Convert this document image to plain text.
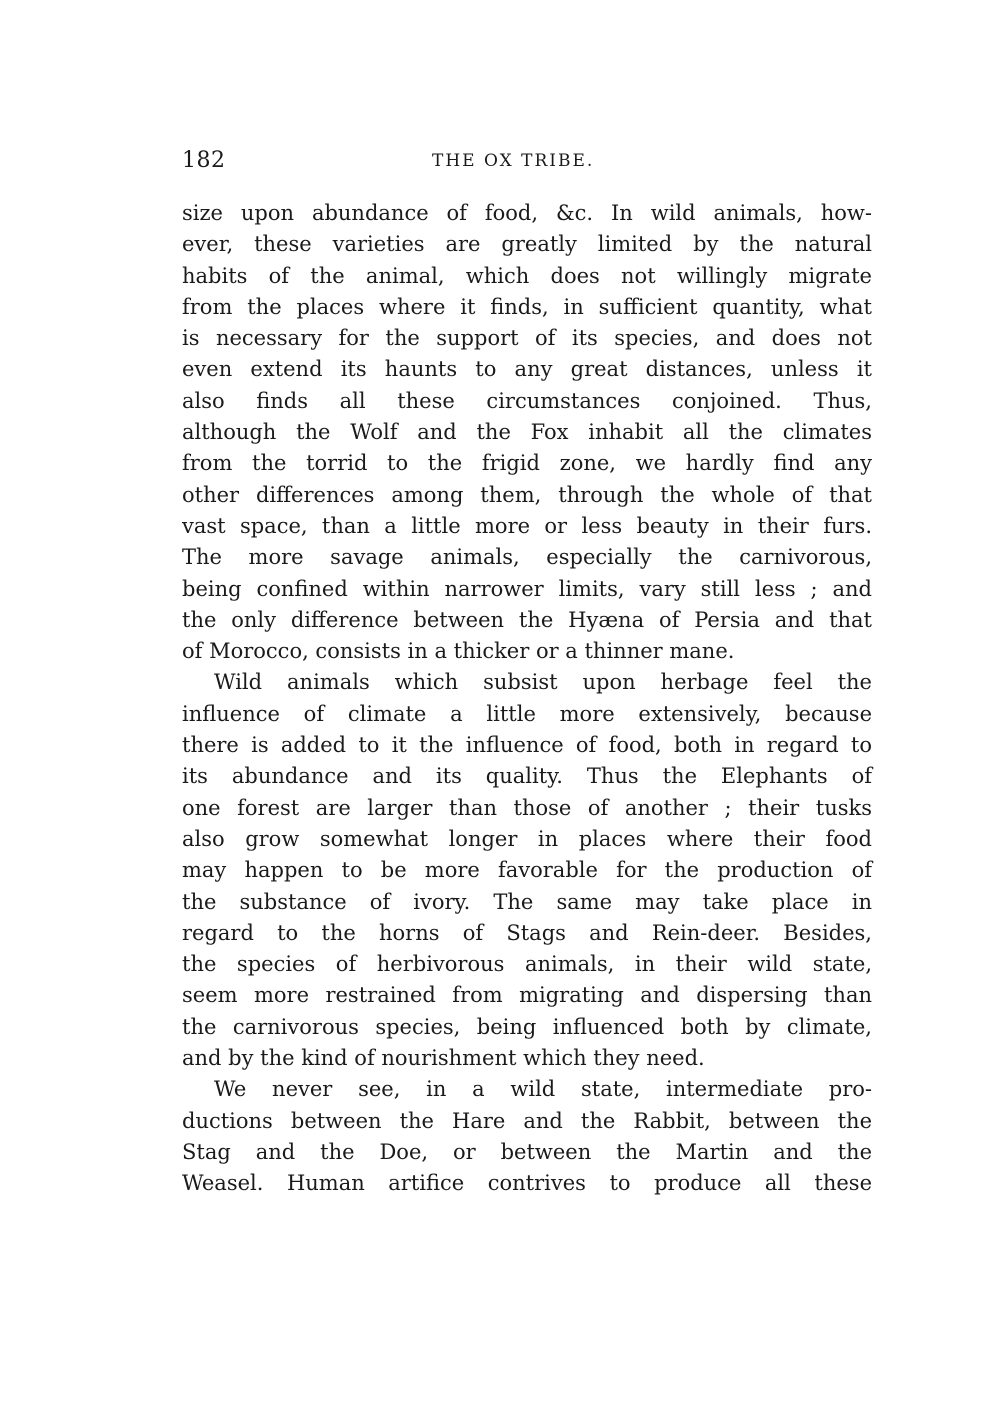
182	THE OX TRIBE.
size upon abundance of food, &c. In wild animals, how-
ever, these varieties are greatly limited by the natural
habits of the animal, which does not willingly migrate
from the places where it finds, in sufficient quantity, what
is necessary for the support of its species, and does not
even extend its haunts to any great distances, unless it
also finds all these circumstances conjoined. Thus,
although the Wolf and the Fox inhabit all the climates
from the torrid to the frigid zone, we hardly find any
other differences among them, through the whole of that
vast space, than a little more or less beauty in their furs.
The more savage animals, especially the carnivorous,
being confined within narrower limits, vary still less ; and
the only difference between the Hyæna of Persia and that
of Morocco, consists in a thicker or a thinner mane.
Wild animals which subsist upon herbage feel the
influence of climate a little more extensively, because
there is added to it the influence of food, both in regard to
its abundance and its quality. Thus the Elephants of
one forest are larger than those of another ; their tusks
also grow somewhat longer in places where their food
may happen to be more favorable for the production of
the substance of ivory. The same may take place in
regard to the horns of Stags and Rein-deer. Besides,
the species of herbivorous animals, in their wild state,
seem more restrained from migrating and dispersing than
the carnivorous species, being influenced both by climate,
and by the kind of nourishment which they need.
We never see, in a wild state, intermediate pro-
ductions between the Hare and the Rabbit, between the
Stag and the Doe, or between the Martin and the
Weasel. Human artifice contrives to produce all these
